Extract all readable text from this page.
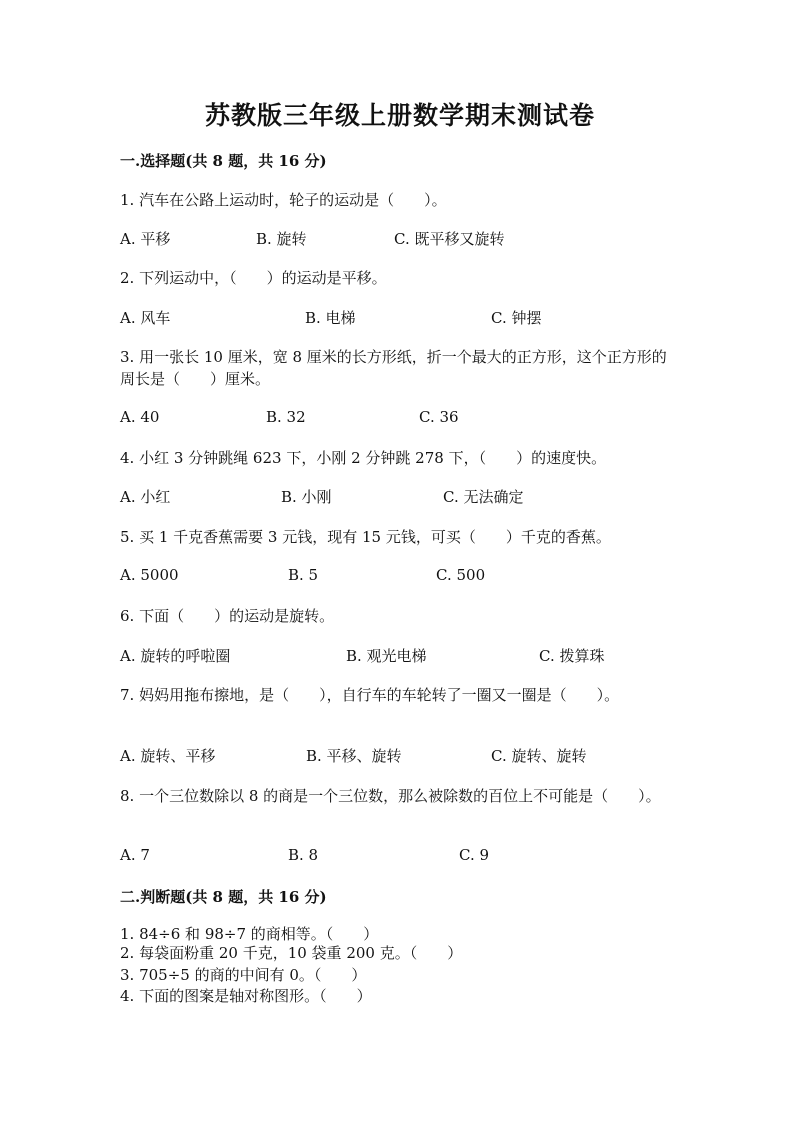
苏教版三年级上册数学期末测试卷
一.选择题(共 8 题，共 16 分)
1. 汽车在公路上运动时，轮子的运动是（　　）。
A. 平移	B. 旋转	C. 既平移又旋转
2. 下列运动中，（　　）的运动是平移。
A. 风车	B. 电梯	C. 钟摆
3. 用一张长 10 厘米，宽 8 厘米的长方形纸，折一个最大的正方形，这个正方形的周长是（　　）厘米。
A. 40	B. 32	C. 36
4. 小红 3 分钟跳绳 623 下，小刚 2 分钟跳 278 下，（　　）的速度快。
A. 小红	B. 小刚	C. 无法确定
5. 买 1 千克香蕉需要 3 元钱，现有 15 元钱，可买（　　）千克的香蕉。
A. 5000	B. 5	C. 500
6. 下面（　　）的运动是旋转。
A. 旋转的呼啦圈	B. 观光电梯	C. 拨算珠
7. 妈妈用拖布擦地，是（　　），自行车的车轮转了一圈又一圈是（　　）。
A. 旋转、平移	B. 平移、旋转	C. 旋转、旋转
8. 一个三位数除以 8 的商是一个三位数，那么被除数的百位上不可能是（　　）。
A. 7	B. 8	C. 9
二.判断题(共 8 题，共 16 分)
1. 84÷6 和 98÷7 的商相等。（　　）
2. 每袋面粉重 20 千克，10 袋重 200 克。（　　）
3. 705÷5 的商的中间有 0。（　　）
4. 下面的图案是轴对称图形。（　　）
